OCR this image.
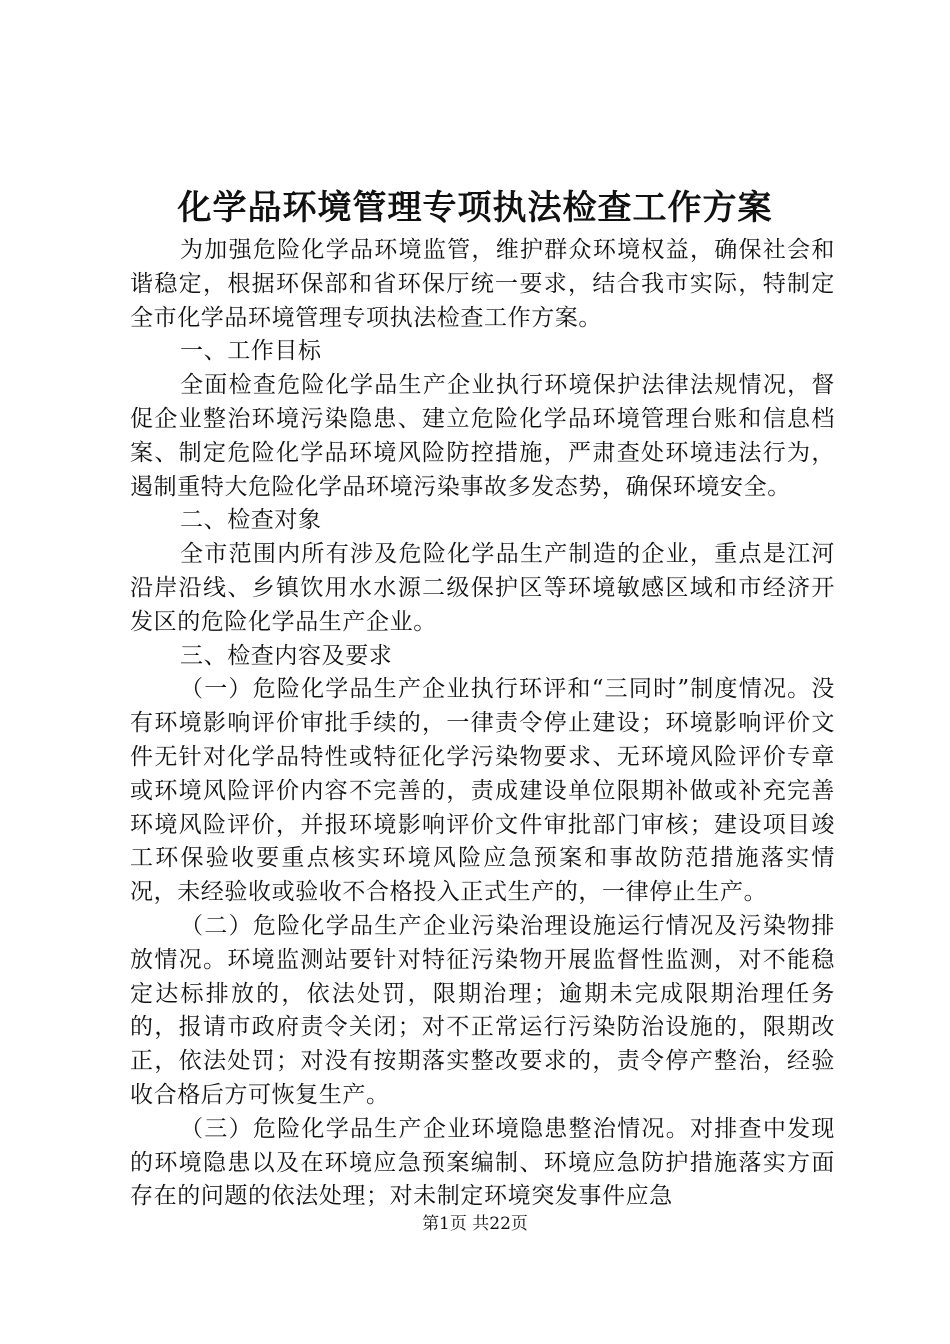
化学品环境管理专项执法检查工作方案

为加强危险化学品环境监管，维护群众环境权益，确保社会和谐稳定，根据环保部和省环保厅统一要求，结合我市实际，特制定全市化学品环境管理专项执法检查工作方案。

一、工作目标

全面检查危险化学品生产企业执行环境保护法律法规情况，督促企业整治环境污染隐患、建立危险化学品环境管理台账和信息档案、制定危险化学品环境风险防控措施，严肃查处环境违法行为，遏制重特大危险化学品环境污染事故多发态势，确保环境安全。

二、检查对象

全市范围内所有涉及危险化学品生产制造的企业，重点是江河沿岸沿线、乡镇饮用水水源二级保护区等环境敏感区域和市经济开发区的危险化学品生产企业。

三、检查内容及要求

（一）危险化学品生产企业执行环评和“三同时”制度情况。没有环境影响评价审批手续的，一律责令停止建设；环境影响评价文件无针对化学品特性或特征化学污染物要求、无环境风险评价专章或环境风险评价内容不完善的，责成建设单位限期补做或补充完善环境风险评价，并报环境影响评价文件审批部门审核；建设项目竣工环保验收要重点核实环境风险应急预案和事故防范措施落实情况，未经验收或验收不合格投入正式生产的，一律停止生产。

（二）危险化学品生产企业污染治理设施运行情况及污染物排放情况。环境监测站要针对特征污染物开展监督性监测，对不能稳定达标排放的，依法处罚，限期治理；逾期未完成限期治理任务的，报请市政府责令关闭；对不正常运行污染防治设施的，限期改正，依法处罚；对没有按期落实整改要求的，责令停产整治，经验收合格后方可恢复生产。

（三）危险化学品生产企业环境隐患整治情况。对排查中发现的环境隐患以及在环境应急预案编制、环境应急防护措施落实方面存在的问题的依法处理；对未制定环境突发事件应急

第1页 共22页
